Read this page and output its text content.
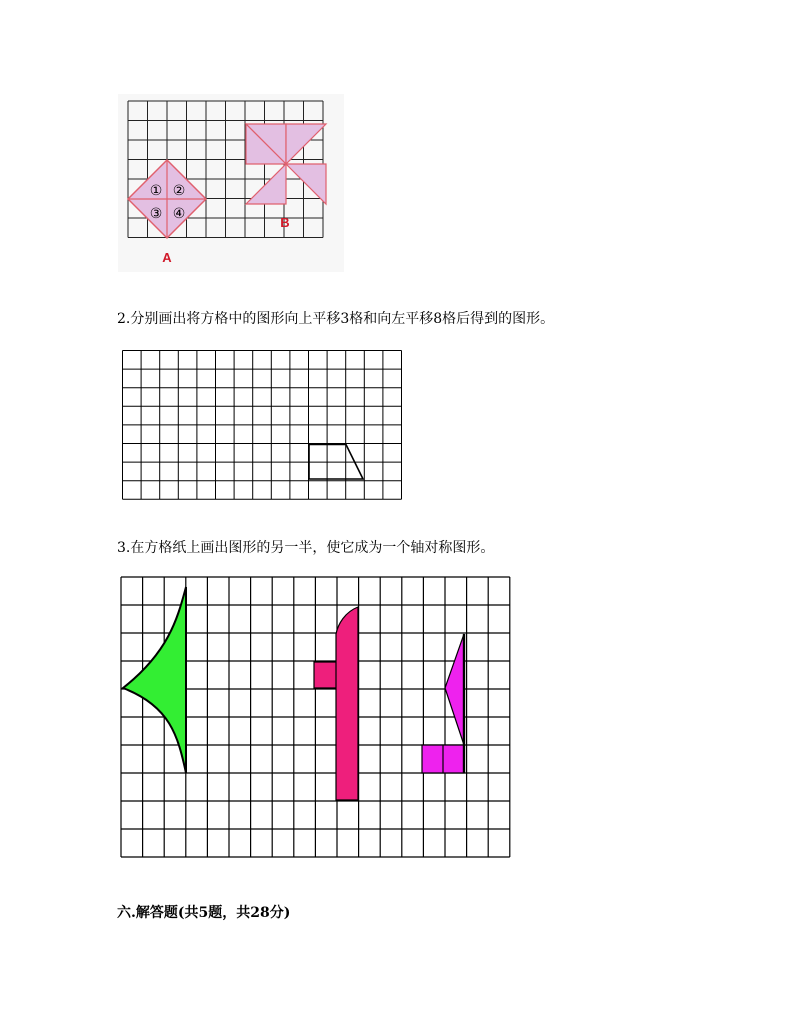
① ②
③ ④
A
B
2.分别画出将方格中的图形向上平移3格和向左平移8格后得到的图形。
3.在方格纸上画出图形的另一半，使它成为一个轴对称图形。
六.解答题(共5题，共28分)
